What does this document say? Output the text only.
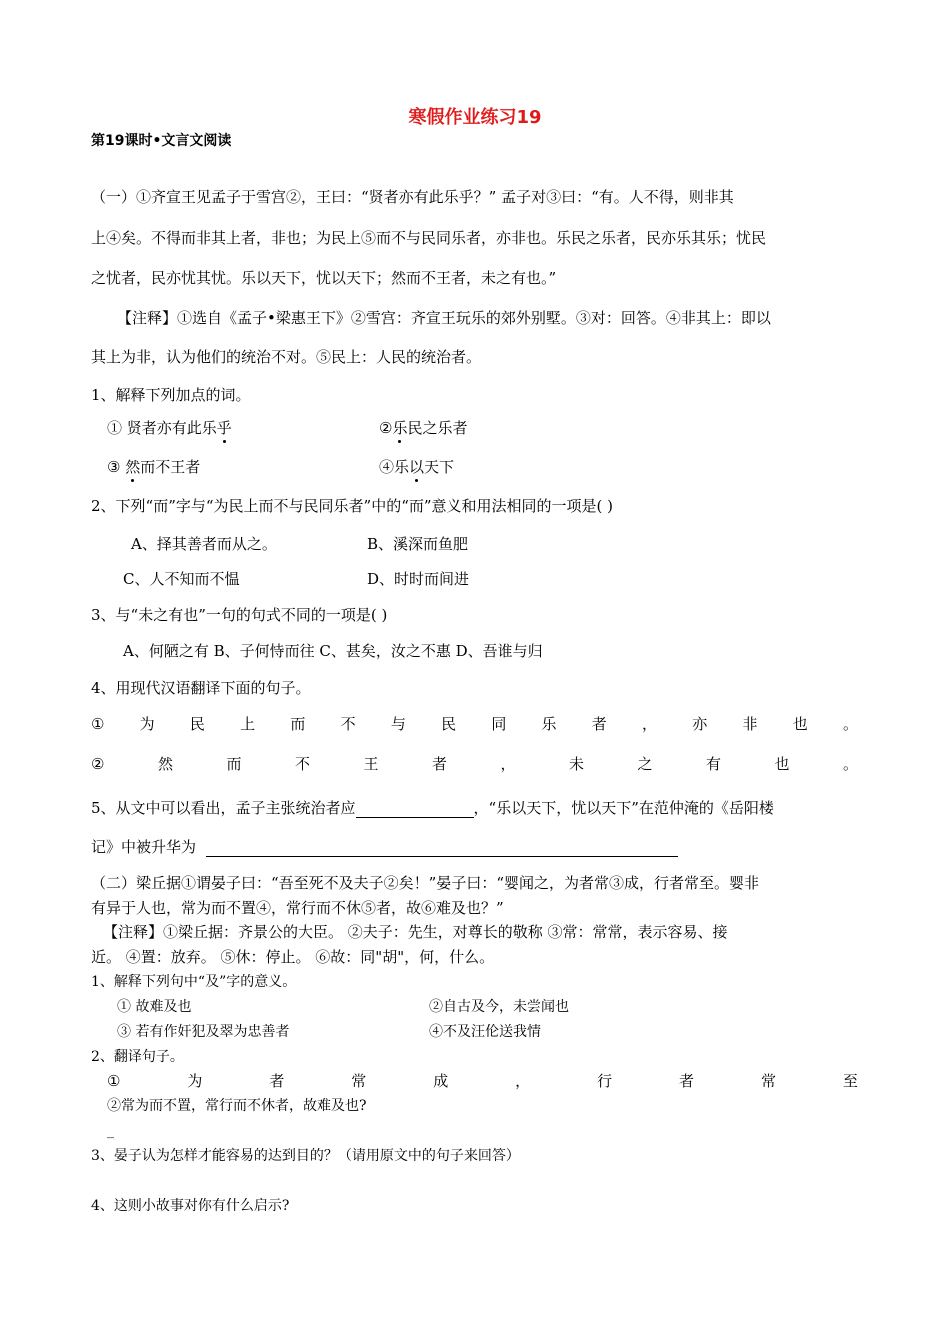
寒假作业练习19
第19课时•文言文阅读
（一）①齐宣王见孟子于雪宫②，王曰：“贤者亦有此乐乎？” 孟子对③曰：“有。人不得，则非其
上④矣。不得而非其上者，非也；为民上⑤而不与民同乐者，亦非也。乐民之乐者，民亦乐其乐；忧民
之忧者，民亦忧其忧。乐以天下，忧以天下；然而不王者，未之有也。”
【注释】①选自《孟子•梁惠王下》②雪宫：齐宣王玩乐的郊外别墅。③对：回答。④非其上：即以
其上为非，认为他们的统治不对。⑤民上：人民的统治者。
1、解释下列加点的词。
① 贤者亦有此乐乎	②乐民之乐者
③ 然而不王者	④乐以天下
2、下列“而”字与“为民上而不与民同乐者”中的“而”意义和用法相同的一项是( )
A、择其善者而从之。	B、溪深而鱼肥
C、人不知而不愠	D、时时而间进
3、与“未之有也”一句的句式不同的一项是( )
A、何陋之有 B、子何恃而往 C、甚矣，汝之不惠 D、吾谁与归
4、用现代汉语翻译下面的句子。
① 为 民 上 而 不 与 民 同 乐 者 ， 亦 非 也 。
②	然	而	不	王	者	，	未	之	有	也	。
5、从文中可以看出，孟子主张统治者应	，“乐以天下，忧以天下”在范仲淹的《岳阳楼
记》中被升华为
（二）梁丘据①谓晏子曰：“吾至死不及夫子②矣！”晏子曰：“婴闻之，为者常③成，行者常至。婴非
有异于人也，常为而不置④，常行而不休⑤者，故⑥难及也？”
【注释】①梁丘据：齐景公的大臣。 ②夫子：先生，对尊长的敬称 ③常：常常，表示容易、接
近。 ④置：放弃。 ⑤休：停止。 ⑥故：同"胡"，何，什么。
1、解释下列句中“及”字的意义。
① 故难及也	②自古及今，未尝闻也
③ 若有作奸犯及翠为忠善者	④不及汪伦送我情
2、翻译句子。
①	为	者	常	成	，	行	者	常	至
②常为而不置，常行而不休者，故难及也?
_
3、晏子认为怎样才能容易的达到目的？（请用原文中的句子来回答）
4、这则小故事对你有什么启示?
